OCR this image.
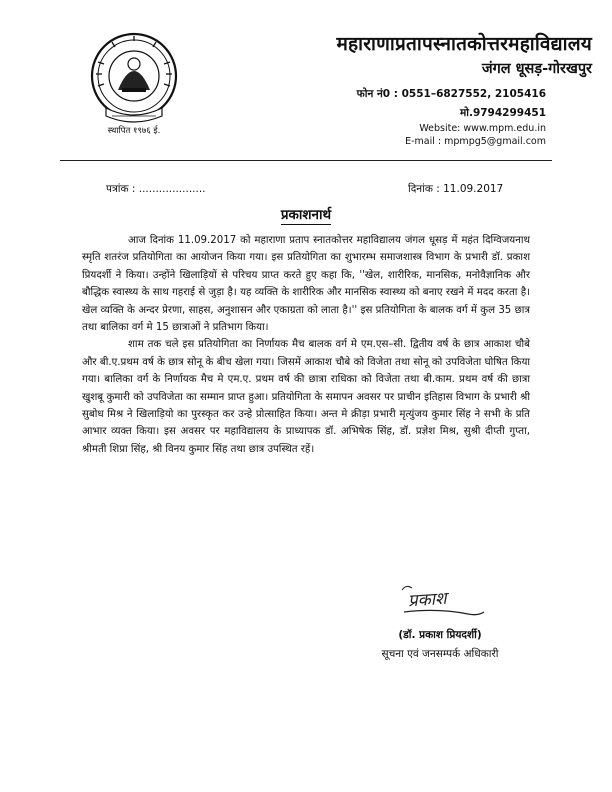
स्थापित १९७६ ई.
महाराणाप्रतापस्नातकोत्तरमहाविद्यालय
जंगल धूसड़-गोरखपुर
फोन नं0 : 0551–6827552, 2105416
मो.9794299451
Website: www.mpm.edu.in
E-mail : mpmpg5@gmail.com
पत्रांक : ....................	दिनांक : 11.09.2017
प्रकाशनार्थ

आज दिनांक 11.09.2017 को महाराणा प्रताप स्नातकोत्तर महाविद्यालय जंगल धूसड़ में महंत दिग्विजयनाथ स्मृति शतरंज प्रतियोगिता का आयोजन किया गया। इस प्रतियोगिता का शुभारम्भ समाजशास्त्र विभाग के प्रभारी डॉ. प्रकाश प्रियदर्शी ने किया। उन्होंने खिलाड़ियों से परिचय प्राप्त करते हुए कहा कि, ''खेल, शारीरिक, मानसिक, मनोवैज्ञानिक और बौद्धिक स्वास्थ्य के साथ गहराई से जुड़ा है। यह व्यक्ति के शारीरिक और मानसिक स्वास्थ्य को बनाए रखने में मदद करता है। खेल व्यक्ति के अन्दर प्रेरणा, साहस, अनुशासन और एकाग्रता को लाता है।'' इस प्रतियोगिता के बालक वर्ग में कुल 35 छात्र तथा बालिका वर्ग मे 15 छात्राओं ने प्रतिभाग किया।

शाम तक चले इस प्रतियोगिता का निर्णायक मैच बालक वर्ग मे एम.एस–सी. द्वितीय वर्ष के छात्र आकाश चौबे और बी.ए.प्रथम वर्ष के छात्र सोनू के बीच खेला गया। जिसमें आकाश चौबे को विजेता तथा सोनू को उपविजेता घोषित किया गया। बालिका वर्ग के निर्णायक मैच मे एम.ए. प्रथम वर्ष की छात्रा राधिका को विजेता तथा बी.काम. प्रथम वर्ष की छात्रा खुशबू कुमारी को उपविजेता का सम्मान प्राप्त हुआ। प्रतियोगिता के समापन अवसर पर प्राचीन इतिहास विभाग के प्रभारी श्री सुबोध मिश्र ने खिलाड़ियो का पुरस्कृत कर उन्हे प्रोत्साहित किया। अन्त मे क्रीड़ा प्रभारी मृत्युंजय कुमार सिंह ने सभी के प्रति आभार व्यक्त किया। इस अवसर पर महाविद्यालय के प्राध्यापक डॉ. अभिषेक सिंह, डॉ. प्रज्ञेश मिश्र, सुश्री दीप्ती गुप्ता, श्रीमती शिप्रा सिंह, श्री विनय कुमार सिंह तथा छात्र उपस्थित रहें।

प्रकाश
(डॉ. प्रकाश प्रियदर्शी)
सूचना एवं जनसम्पर्क अधिकारी
